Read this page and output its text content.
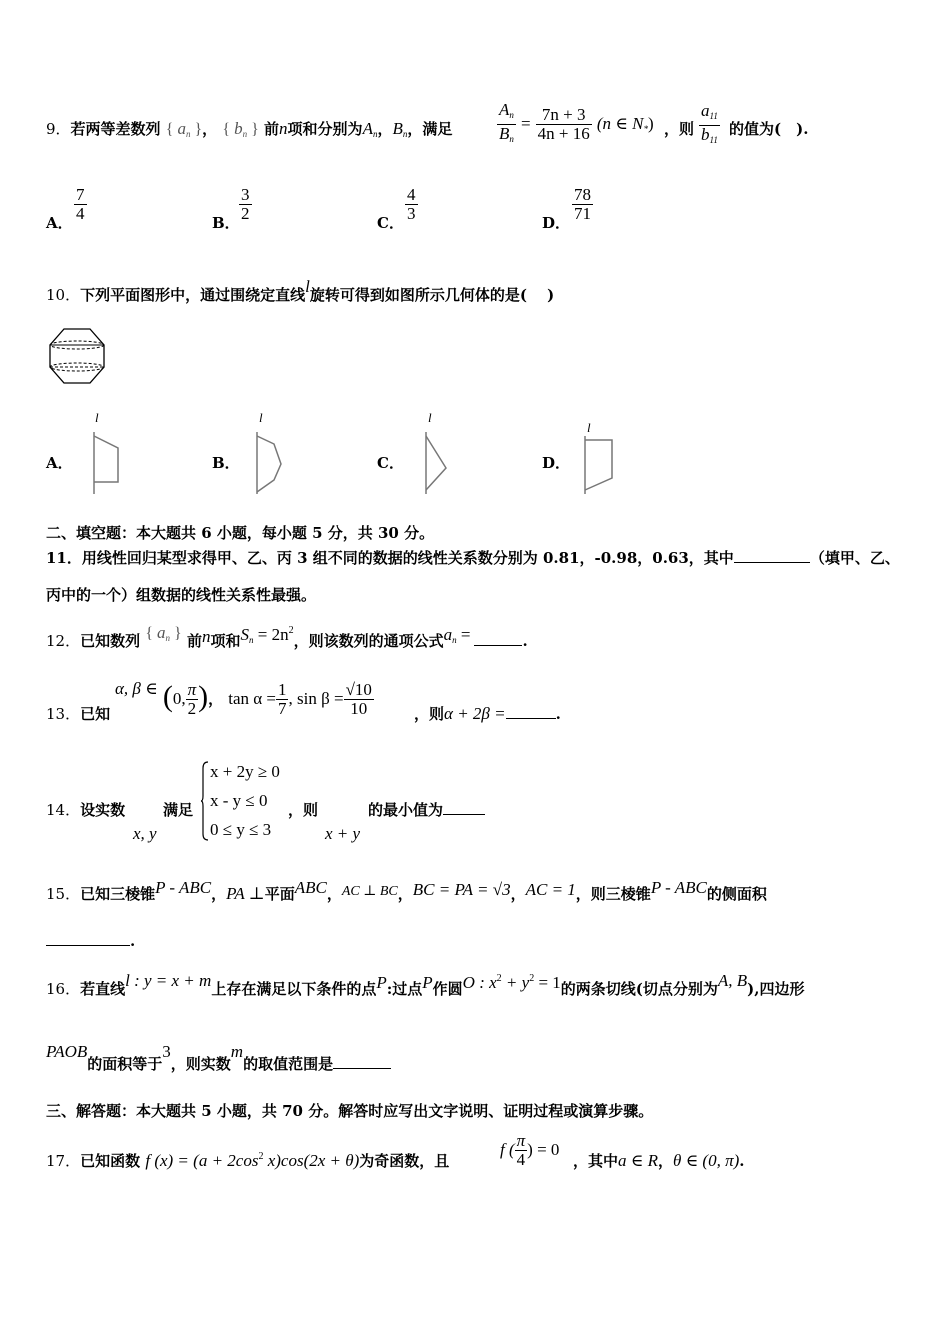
9．若两等差数列 { $a_n$ }， { $b_n$ } 前n项和分别为$A_n$，$B_n$，满足	$\frac{A_n}{B_n} = \frac{7n + 3}{4n + 16} (n$ ∈ $N_*$) ，则 $\frac{a_{11}}{b_{11}}$ 的值为(　).
A． $\frac{7}{4}$	B． $\frac{3}{2}$	C． $\frac{4}{3}$	D． $\frac{78}{71}$
10．下列平面图形中，通过围绕定直线l旋转可得到如图所示几何体的是(　 )
A．
l
B．
l
C．
l
D．
l
二、填空题：本大题共 6 小题，每小题 5 分，共 30 分。
11．用线性回归某型求得甲、乙、丙 3 组不同的数据的线性关系数分别为 0.81，-0.98，0.63，其中	（填甲、乙、
丙中的一个）组数据的线性关系性最强。
12．已知数列 { $a_n$ } 前n项和$S_n = 2n^2$，则该数列的通项公式$a_n$ =	.
13．已知
α, β ∈ (0, $\frac{\pi}{2}$ )， $\tan \alpha = \frac{1}{7}$ , $\sin \beta = \frac{√10}{10}$	，则α + 2β =	.
14．设实数	满足
x, y
x + 2y ≥ 0
x - y ≤ 0
0 ≤ y ≤ 3
，则
x + y
的最小值为
15．已知三棱锥P - ABC，PA ⊥平面ABC，AC ⊥ BC，BC = PA = √3，AC = 1，则三棱锥P - ABC的侧面积
.
16．若直线l : y = x + m上存在满足以下条件的点P:过点P作圆O : $x^2 + y^2 = 1$的两条切线(切点分别为A, B),四边形
PAOB的面积等于3，则实数m的取值范围是
三、解答题：本大题共 5 小题，共 70 分。解答时应写出文字说明、证明过程或演算步骤。
17．已知函数 f $(x) = (a + 2\cos^2$ x)cos(2x + θ)为奇函数，且
f ( $\frac{\pi}{4}$ ) = 0
，其中a ∈ R，θ ∈ (0, π).
